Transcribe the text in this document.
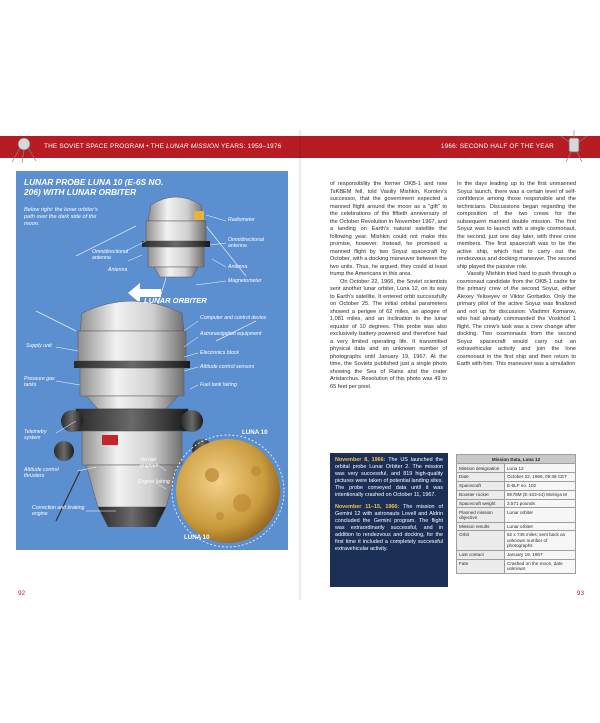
THE SOVIET SPACE PROGRAM • THE LUNAR MISSION YEARS: 1959–1976	1966: SECOND HALF OF THE YEAR
LUNAR PROBE LUNA 10 (E-6S NO. 206) WITH LUNAR ORBITER
Below right: the lunar orbiter's path over the dark side of the moon.
LUNAR ORBITER
Radiometer
Omnidirectional antenna
Omnidirectional antenna
Antenna	Antenna
Magnetometer
Computer and control device
Astronavigation equipment
Electronics block
Supply unit
Attitude control sensors
Pressure gas tanks	Fuel tank fairing
Telemetry system
Attitude control thrusters
Vernier engines
Engine fairing
Correction and braking engine
LUNA 10
LUNA 10

of responsibility the former OKB-1 and now TsKBEM fell, told Vasiliy Mishkin, Korolev's successor, that the government expected a manned flight around the moon as a "gift" to the celebrations of the fiftieth anniversary of the October Revolution in November 1967, and a landing on Earth's natural satellite the following year. Mishkin could not make this promise, however. Instead, he promised a manned flight by two Soyuz spacecraft by October, with a docking maneuver between the two units. Thus, he argued, they could at least trump the Americans in this area.

On October 22, 1966, the Soviet scientists sent another lunar orbiter, Luna 12, on its way to Earth's satellite. It entered orbit successfully on October 25. The initial orbital parameters showed a perigee of 62 miles, an apogee of 1,081 miles, and an inclination to the lunar equator of 10 degrees. This probe was also exclusively battery powered and therefore had a very limited operating life. It transmitted physical data and an unknown number of photographs until January 19, 1967. At the time, the Soviets published just a single photo showing the Sea of Rains and the crater Aristarchus. Resolution of this photo was 49 to 65 feet per pixel.

In the days leading up to the first unmanned Soyuz launch, there was a certain level of self-confidence among those responsible and the technicians. Discussions began regarding the composition of the two crews for the subsequent manned double mission. The first Soyuz was to launch with a single cosmonaut, the second, just one day later, with three crew members. The first spacecraft was to be the active ship, which had to carry out the rendezvous and docking maneuver. The second ship played the passive role.

Vassily Mishkin tried hard to push through a cosmonaut candidate from the OKB-1 cadre for the primary crew of the second Soyuz, either Alexey Yeliseyev or Viktor Gorbatko. Only the primary pilot of the active Soyuz was finalized and not up for discussion: Vladimir Komarov, who had already commanded the Voskhod 1 flight. The crew's task was a crew change after docking. Two cosmonauts from the second Soyuz spacecraft would carry out an extravehicular activity and join the lone cosmonaut in the first ship and then return to Earth with him. This maneuver was a simulation

November 8, 1966: The US launched the orbital probe Lunar Orbiter 2. The mission was very successful, and 819 high-quality pictures were taken of potential landing sites. The probe conveyed data until it was intentionally crashed on October 11, 1967.

November 11–15, 1966: The mission of Gemini 12 with astronauts Lovell and Aldrin concluded the Gemini program. The flight was extraordinarily successful, and in addition to rendezvous and docking, for the first time it included a completely successful extravehicular activity.

Mission Data, Luna 12	
Mission designation	Luna 12
Date	October 22, 1966, 09:38 CET
Spacecraft	E-6LF no. 102
Booster rocket	8K78M (E-103-44) Molniya M
Spacecraft weight	3,571 pounds
Planned mission objective	Lunar orbiter
Mission results	Lunar orbiter
Orbit	62 x 745 miles; sent back an unknown number of photographs
Last contact	January 19, 1967
Fate	Crashed on the moon, date unknown
92	93
